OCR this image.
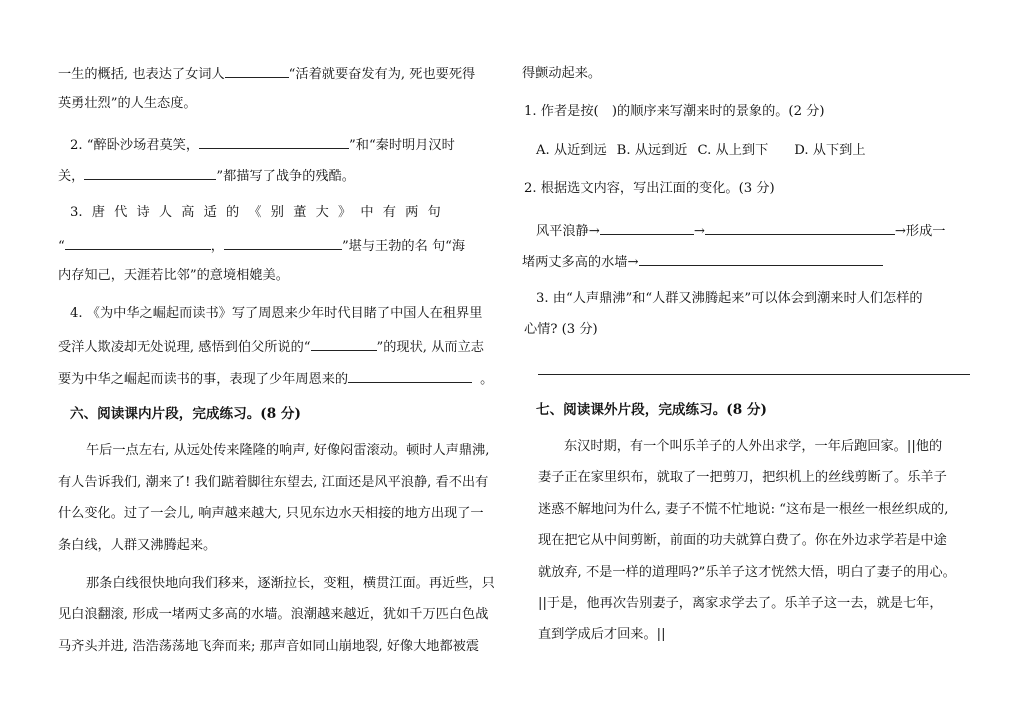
一生的概括, 也表达了女词人	“活着就要奋发有为, 死也要死得
英勇壮烈”的人生态度。
2. “醉卧沙场君莫笑，	”和“秦时明月汉时
关，	”都描写了战争的残酷。
3. 唐 代 诗 人 高 适 的 《 别 董 大 》 中 有 两 句
“	，	”堪与王勃的名 句“海
内存知己，天涯若比邻”的意境相媲美。
4. 《为中华之崛起而读书》写了周恩来少年时代目睹了中国人在租界里
受洋人欺凌却无处说理, 感悟到伯父所说的“	”的现状, 从而立志
要为中华之崛起而读书的事，表现了少年周恩来的	。
六、阅读课内片段，完成练习。(8 分)
午后一点左右, 从远处传来隆隆的响声, 好像闷雷滚动。顿时人声鼎沸,
有人告诉我们, 潮来了! 我们踮着脚往东望去, 江面还是风平浪静, 看不出有
什么变化。过了一会儿, 响声越来越大, 只见东边水天相接的地方出现了一
条白线，人群又沸腾起来。
那条白线很快地向我们移来，逐渐拉长，变粗，横贯江面。再近些，只
见白浪翻滚, 形成一堵两丈多高的水墙。浪潮越来越近，犹如千万匹白色战
马齐头并进, 浩浩荡荡地飞奔而来; 那声音如同山崩地裂, 好像大地都被震
得颤动起来。
1. 作者是按(　)的顺序来写潮来时的景象的。(2 分)
A. 从近到远 B. 从远到近 C. 从上到下 D. 从下到上
2. 根据选文内容，写出江面的变化。(3 分)
风平浪静→	→	→形成一
堵两丈多高的水墙→
3. 由“人声鼎沸”和“人群又沸腾起来”可以体会到潮来时人们怎样的
心情? (3 分)
七、阅读课外片段，完成练习。(8 分)
东汉时期，有一个叫乐羊子的人外出求学，一年后跑回家。||他的
妻子正在家里织布，就取了一把剪刀，把织机上的丝线剪断了。乐羊子
迷惑不解地问为什么, 妻子不慌不忙地说: “这布是一根丝一根丝织成的,
现在把它从中间剪断，前面的功夫就算白费了。你在外边求学若是中途
就放弃, 不是一样的道理吗?”乐羊子这才恍然大悟，明白了妻子的用心。
||于是，他再次告别妻子，离家求学去了。乐羊子这一去，就是七年，
直到学成后才回来。||
